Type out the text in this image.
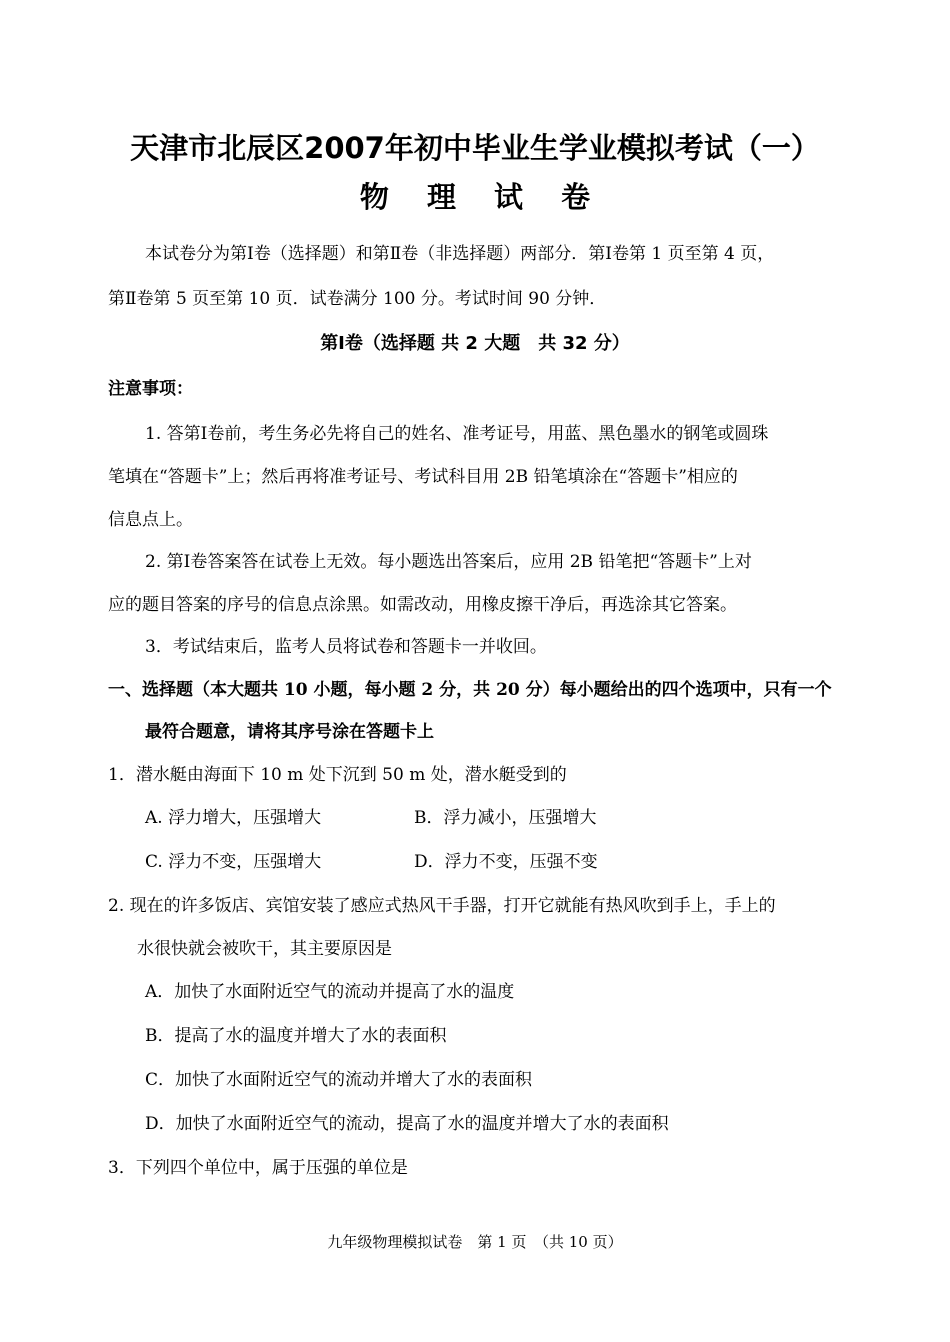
天津市北辰区2007年初中毕业生学业模拟考试（一）
物 理 试 卷
本试卷分为第Ⅰ卷（选择题）和第Ⅱ卷（非选择题）两部分．第Ⅰ卷第 1 页至第 4 页，
第Ⅱ卷第 5 页至第 10 页．试卷满分 100 分。考试时间 90 分钟．
第Ⅰ卷（选择题 共 2 大题　共 32 分）
注意事项：
1. 答第Ⅰ卷前，考生务必先将自己的姓名、准考证号，用蓝、黑色墨水的钢笔或圆珠
笔填在“答题卡”上；然后再将准考证号、考试科目用 2B 铅笔填涂在“答题卡”相应的
信息点上。
2. 第Ⅰ卷答案答在试卷上无效。每小题选出答案后，应用 2B 铅笔把“答题卡”上对
应的题目答案的序号的信息点涂黑。如需改动，用橡皮擦干净后，再选涂其它答案。
3．考试结束后，监考人员将试卷和答题卡一并收回。
一、选择题（本大题共 10 小题，每小题 2 分，共 20 分）每小题给出的四个选项中，只有一个
最符合题意，请将其序号涂在答题卡上
1．潜水艇由海面下 10 m 处下沉到 50 m 处，潜水艇受到的
A. 浮力增大，压强增大	B．浮力减小，压强增大
C. 浮力不变，压强增大	D．浮力不变，压强不变
2. 现在的许多饭店、宾馆安装了感应式热风干手器，打开它就能有热风吹到手上，手上的
水很快就会被吹干，其主要原因是
A．加快了水面附近空气的流动并提高了水的温度
B．提高了水的温度并增大了水的表面积
C．加快了水面附近空气的流动并增大了水的表面积
D．加快了水面附近空气的流动，提高了水的温度并增大了水的表面积
3．下列四个单位中，属于压强的单位是
九年级物理模拟试卷　第 1 页　（共 10 页）
